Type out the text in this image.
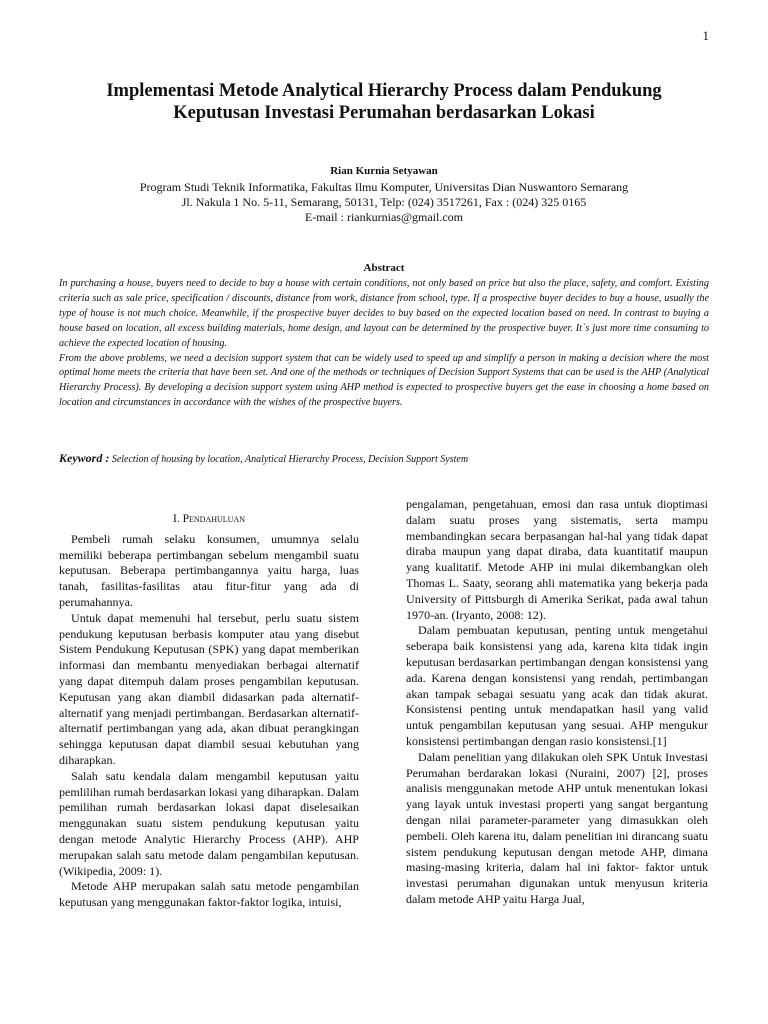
1
Implementasi Metode Analytical Hierarchy Process dalam Pendukung
Keputusan Investasi Perumahan berdasarkan Lokasi
Rian Kurnia Setyawan
Program Studi Teknik Informatika, Fakultas Ilmu Komputer, Universitas Dian Nuswantoro Semarang
Jl. Nakula 1 No. 5-11, Semarang, 50131, Telp: (024) 3517261, Fax : (024) 325 0165
E-mail : riankurnias@gmail.com
Abstract

In purchasing a house, buyers need to decide to buy a house with certain conditions, not only based on price but also the place, safety, and comfort. Existing criteria such as sale price, specification / discounts, distance from work, distance from school, type. If a prospective buyer decides to buy a house, usually the type of house is not much choice. Meanwhile, if the prospective buyer decides to buy based on the expected location based on need. In contrast to buying a house based on location, all excess building materials, home design, and layout can be determined by the prospective buyer. It`s just more time consuming to achieve the expected location of housing.

From the above problems, we need a decision support system that can be widely used to speed up and simplify a person in making a decision where the most optimal home meets the criteria that have been set. And one of the methods or techniques of Decision Support Systems that can be used is the AHP (Analytical Hierarchy Process). By developing a decision support system using AHP method is expected to prospective buyers get the ease in choosing a home based on location and circumstances in accordance with the wishes of the prospective buyers.

Keyword : Selection of housing by location, Analytical Hierarchy Process, Decision Support System
I. Pendahuluan

Pembeli rumah selaku konsumen, umumnya selalu memiliki beberapa pertimbangan sebelum mengambil suatu keputusan. Beberapa pertimbangannya yaitu harga, luas tanah, fasilitas-fasilitas atau fitur-fitur yang ada di perumahannya.

Untuk dapat memenuhi hal tersebut, perlu suatu sistem pendukung keputusan berbasis komputer atau yang disebut Sistem Pendukung Keputusan (SPK) yang dapat memberikan informasi dan membantu menyediakan berbagai alternatif yang dapat ditempuh dalam proses pengambilan keputusan. Keputusan yang akan diambil didasarkan pada alternatif-alternatif yang menjadi pertimbangan. Berdasarkan alternatif-alternatif pertimbangan yang ada, akan dibuat perangkingan sehingga keputusan dapat diambil sesuai kebutuhan yang diharapkan.

Salah satu kendala dalam mengambil keputusan yaitu pemlilihan rumah berdasarkan lokasi yang diharapkan. Dalam pemilihan rumah berdasarkan lokasi dapat diselesaikan menggunakan suatu sistem pendukung keputusan yaitu dengan metode Analytic Hierarchy Process (AHP). AHP merupakan salah satu metode dalam pengambilan keputusan. (Wikipedia, 2009: 1).

Metode AHP merupakan salah satu metode pengambilan keputusan yang menggunakan faktor-faktor logika, intuisi,

pengalaman, pengetahuan, emosi dan rasa untuk dioptimasi dalam suatu proses yang sistematis, serta mampu membandingkan secara berpasangan hal-hal yang tidak dapat diraba maupun yang dapat diraba, data kuantitatif maupun yang kualitatif. Metode AHP ini mulai dikembangkan oleh Thomas L. Saaty, seorang ahli matematika yang bekerja pada University of Pittsburgh di Amerika Serikat, pada awal tahun 1970-an. (Iryanto, 2008: 12).

Dalam pembuatan keputusan, penting untuk mengetahui seberapa baik konsistensi yang ada, karena kita tidak ingin keputusan berdasarkan pertimbangan dengan konsistensi yang ada. Karena dengan konsistensi yang rendah, pertimbangan akan tampak sebagai sesuatu yang acak dan tidak akurat. Konsistensi penting untuk mendapatkan hasil yang valid untuk pengambilan keputusan yang sesuai. AHP mengukur konsistensi pertimbangan dengan rasio konsistensi.[1]

Dalam penelitian yang dilakukan oleh SPK Untuk Investasi Perumahan berdarakan lokasi (Nuraini, 2007) [2], proses analisis menggunakan metode AHP untuk menentukan lokasi yang layak untuk investasi properti yang sangat bergantung dengan nilai parameter-parameter yang dimasukkan oleh pembeli. Oleh karena itu, dalam penelitian ini dirancang suatu sistem pendukung keputusan dengan metode AHP, dimana masing-masing kriteria, dalam hal ini faktor- faktor untuk investasi perumahan digunakan untuk menyusun kriteria dalam metode AHP yaitu Harga Jual,
